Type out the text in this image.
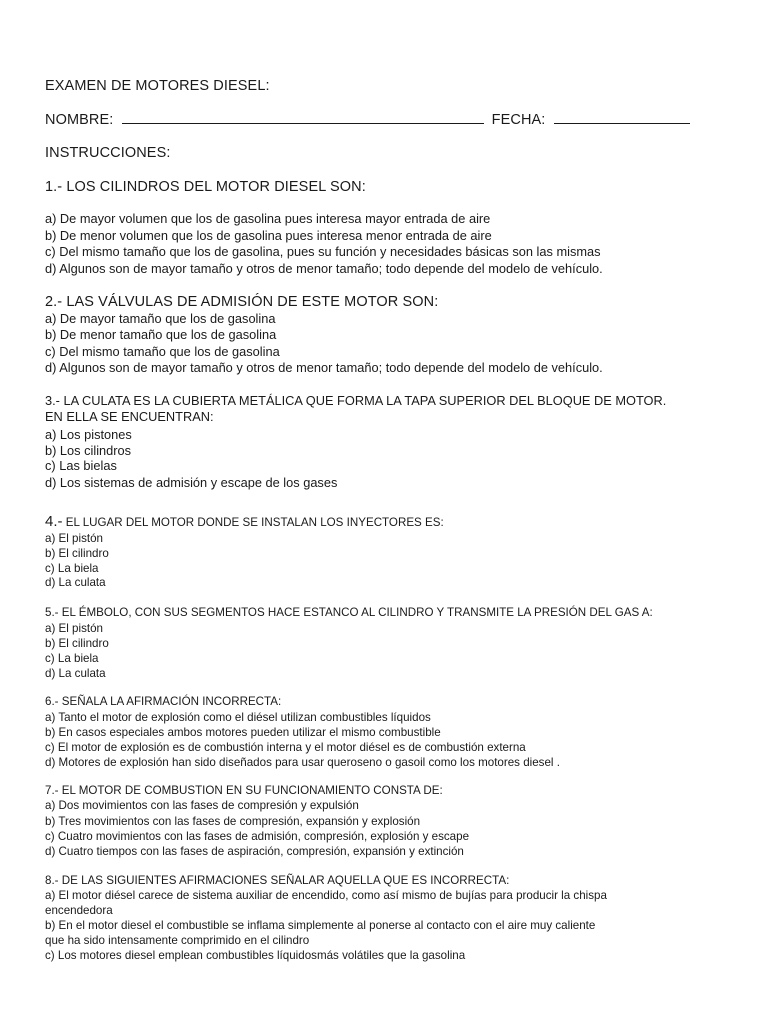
EXAMEN DE MOTORES DIESEL:
NOMBRE:	FECHA:
INSTRUCCIONES:
1.- LOS CILINDROS DEL MOTOR DIESEL SON:
a) De mayor volumen que los de gasolina pues interesa mayor entrada de aire
b) De menor volumen que los de gasolina pues interesa menor entrada de aire
c) Del mismo tamaño que los de gasolina, pues su función y necesidades básicas son las mismas
d) Algunos son de mayor tamaño y otros de menor tamaño; todo depende del modelo de vehículo.
2.- LAS VÁLVULAS DE ADMISIÓN DE ESTE MOTOR SON:
a) De mayor tamaño que los de gasolina
b) De menor tamaño que los de gasolina
c) Del mismo tamaño que los de gasolina
d) Algunos son de mayor tamaño y otros de menor tamaño; todo depende del modelo de vehículo.
3.- LA CULATA ES LA CUBIERTA METÁLICA QUE FORMA LA TAPA SUPERIOR DEL BLOQUE DE MOTOR.
EN ELLA SE ENCUENTRAN:
a) Los pistones
b) Los cilindros
c) Las bielas
d) Los sistemas de admisión y escape de los gases
4.- EL LUGAR DEL MOTOR DONDE SE INSTALAN LOS INYECTORES ES:
a) El pistón
b) El cilindro
c) La biela
d) La culata
5.- EL ÉMBOLO, CON SUS SEGMENTOS HACE ESTANCO AL CILINDRO Y TRANSMITE LA PRESIÓN DEL GAS A:
a) El pistón
b) El cilindro
c) La biela
d) La culata
6.- SEÑALA LA AFIRMACIÓN INCORRECTA:
a) Tanto el motor de explosión como el diésel utilizan combustibles líquidos
b) En casos especiales ambos motores pueden utilizar el mismo combustible
c) El motor de explosión es de combustión interna y el motor diésel es de combustión externa
d) Motores de explosión han sido diseñados para usar queroseno o gasoil como los motores diesel .
7.- EL MOTOR DE COMBUSTION EN SU FUNCIONAMIENTO CONSTA DE:
a) Dos movimientos con las fases de compresión y expulsión
b) Tres movimientos con las fases de compresión, expansión y explosión
c) Cuatro movimientos con las fases de admisión, compresión, explosión y escape
d) Cuatro tiempos con las fases de aspiración, compresión, expansión y extinción
8.- DE LAS SIGUIENTES AFIRMACIONES SEÑALAR AQUELLA QUE ES INCORRECTA:
a) El motor diésel carece de sistema auxiliar de encendido, como así mismo de bujías para producir la chispa
encendedora
b) En el motor diesel el combustible se inflama simplemente al ponerse al contacto con el aire muy caliente
que ha sido intensamente comprimido en el cilindro
c) Los motores diesel emplean combustibles líquidosmás volátiles que la gasolina
